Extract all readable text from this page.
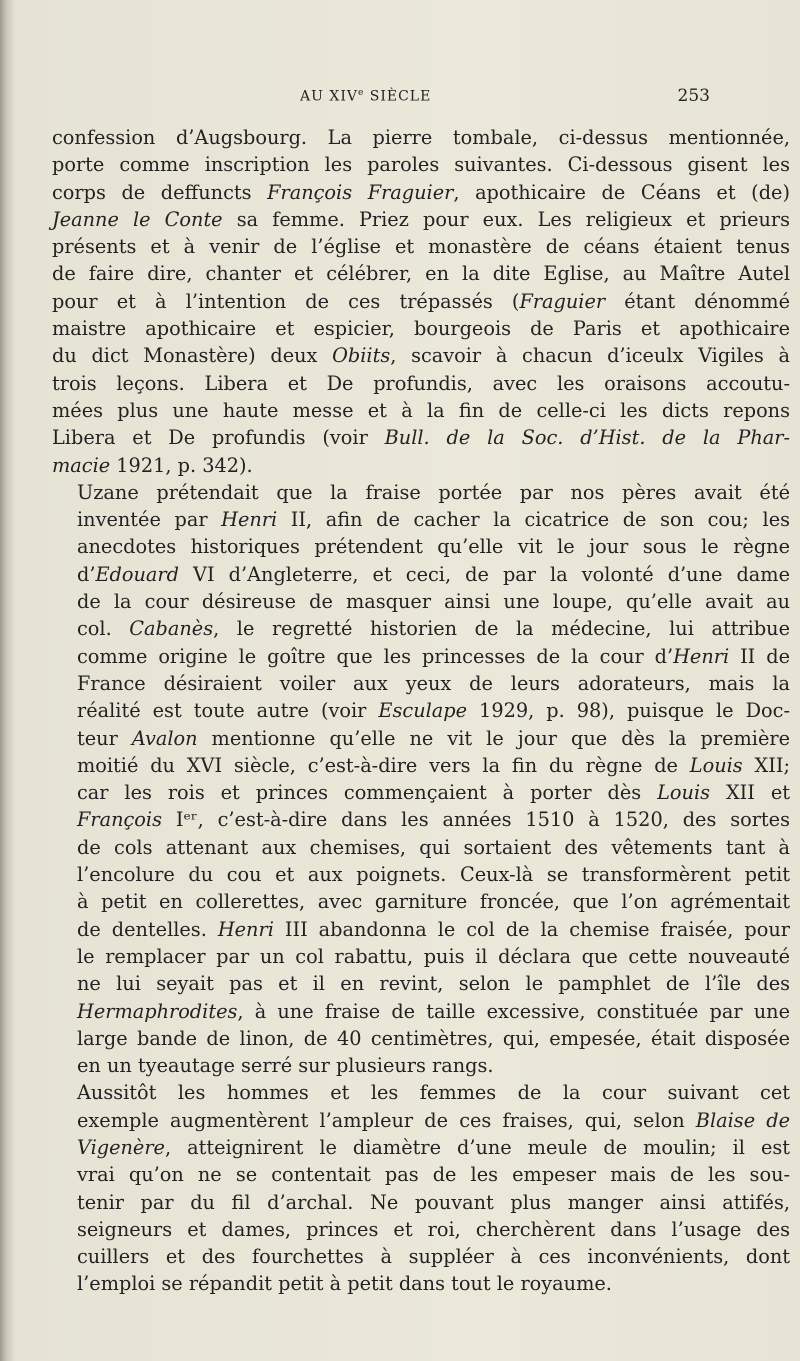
AU XIVe SIÈCLE	253

confession d’Augsbourg. La pierre tombale, ci-dessus mentionnée,
porte comme inscription les paroles suivantes. Ci-dessous gisent les
corps de deffuncts François Fraguier, apothicaire de Céans et (de)
Jeanne le Conte sa femme. Priez pour eux. Les religieux et prieurs
présents et à venir de l’église et monastère de céans étaient tenus
de faire dire, chanter et célébrer, en la dite Eglise, au Maître Autel
pour et à l’intention de ces trépassés (Fraguier étant dénommé
maistre apothicaire et espicier, bourgeois de Paris et apothicaire
du dict Monastère) deux Obiits, scavoir à chacun d’iceulx Vigiles à
trois leçons. Libera et De profundis, avec les oraisons accoutu-
mées plus une haute messe et à la fin de celle-ci les dicts repons
Libera et De profundis (voir Bull. de la Soc. d’Hist. de la Phar-
macie 1921, p. 342).

Uzane prétendait que la fraise portée par nos pères avait été
inventée par Henri II, afin de cacher la cicatrice de son cou; les
anecdotes historiques prétendent qu’elle vit le jour sous le règne
d’Edouard VI d’Angleterre, et ceci, de par la volonté d’une dame
de la cour désireuse de masquer ainsi une loupe, qu’elle avait au
col. Cabanès, le regretté historien de la médecine, lui attribue
comme origine le goître que les princesses de la cour d’Henri II de
France désiraient voiler aux yeux de leurs adorateurs, mais la
réalité est toute autre (voir Esculape 1929, p. 98), puisque le Doc-
teur Avalon mentionne qu’elle ne vit le jour que dès la première
moitié du XVI siècle, c’est-à-dire vers la fin du règne de Louis XII;
car les rois et princes commençaient à porter dès Louis XII et
François Iᵉʳ, c’est-à-dire dans les années 1510 à 1520, des sortes
de cols attenant aux chemises, qui sortaient des vêtements tant à
l’encolure du cou et aux poignets. Ceux-là se transformèrent petit
à petit en collerettes, avec garniture froncée, que l’on agrémentait
de dentelles. Henri III abandonna le col de la chemise fraisée, pour
le remplacer par un col rabattu, puis il déclara que cette nouveauté
ne lui seyait pas et il en revint, selon le pamphlet de l’île des
Hermaphrodites, à une fraise de taille excessive, constituée par une
large bande de linon, de 40 centimètres, qui, empesée, était disposée
en un tyeautage serré sur plusieurs rangs.

Aussitôt les hommes et les femmes de la cour suivant cet
exemple augmentèrent l’ampleur de ces fraises, qui, selon Blaise de
Vigenère, atteignirent le diamètre d’une meule de moulin; il est
vrai qu’on ne se contentait pas de les empeser mais de les sou-
tenir par du fil d’archal. Ne pouvant plus manger ainsi attifés,
seigneurs et dames, princes et roi, cherchèrent dans l’usage des
cuillers et des fourchettes à suppléer à ces inconvénients, dont
l’emploi se répandit petit à petit dans tout le royaume.
